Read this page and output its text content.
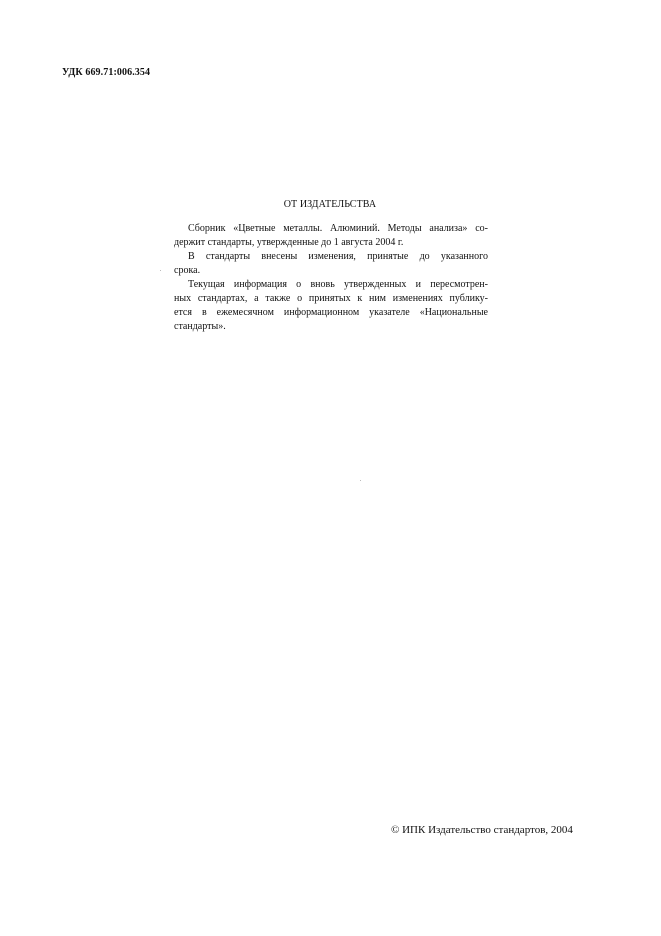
УДК 669.71:006.354
ОТ ИЗДАТЕЛЬСТВА
Сборник «Цветные металлы. Алюминий. Методы анализа» со-
держит стандарты, утвержденные до 1 августа 2004 г.
В стандарты внесены изменения, принятые до указанного
срока.
Текущая информация о вновь утвержденных и пересмотрен-
ных стандартах, а также о принятых к ним изменениях публику-
ется в ежемесячном информационном указателе «Национальные
стандарты».
© ИПК Издательство стандартов, 2004
